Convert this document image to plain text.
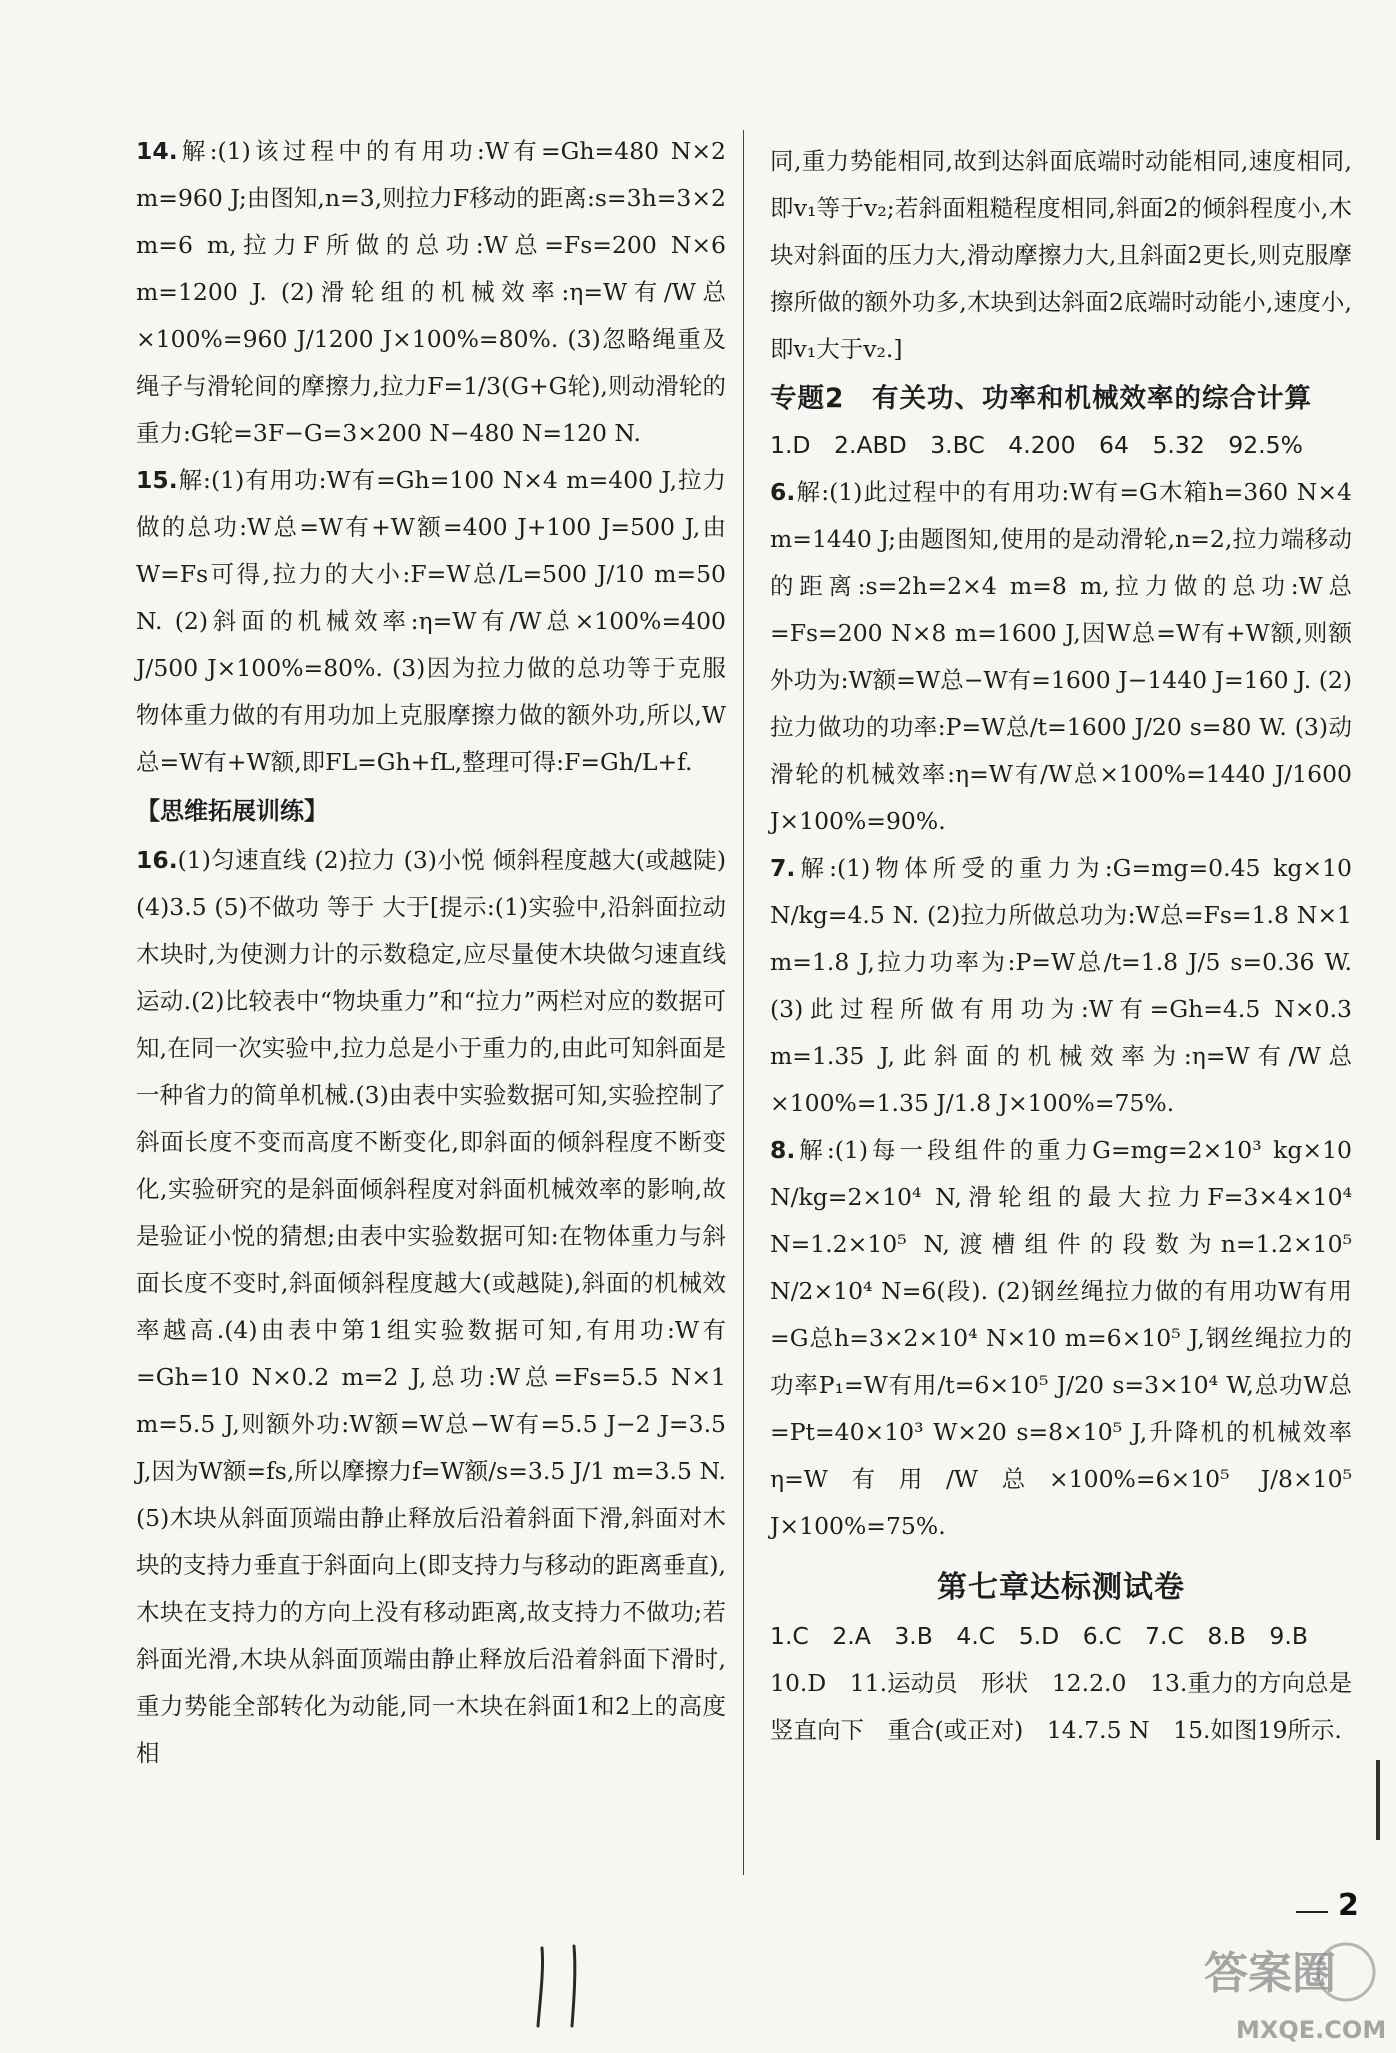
14.解:(1)该过程中的有用功:W有=Gh=480 N×2 m=960 J;由图知,n=3,则拉力F移动的距离:s=3h=3×2 m=6 m,拉力F所做的总功:W总=Fs=200 N×6 m=1200 J. (2)滑轮组的机械效率:η=W有/W总×100%=960 J/1200 J×100%=80%. (3)忽略绳重及绳子与滑轮间的摩擦力,拉力F=1/3(G+G轮),则动滑轮的重力:G轮=3F−G=3×200 N−480 N=120 N.

15.解:(1)有用功:W有=Gh=100 N×4 m=400 J,拉力做的总功:W总=W有+W额=400 J+100 J=500 J,由W=Fs可得,拉力的大小:F=W总/L=500 J/10 m=50 N. (2)斜面的机械效率:η=W有/W总×100%=400 J/500 J×100%=80%. (3)因为拉力做的总功等于克服物体重力做的有用功加上克服摩擦力做的额外功,所以,W总=W有+W额,即FL=Gh+fL,整理可得:F=Gh/L+f.

【思维拓展训练】

16.(1)匀速直线 (2)拉力 (3)小悦 倾斜程度越大(或越陡) (4)3.5 (5)不做功 等于 大于[提示:(1)实验中,沿斜面拉动木块时,为使测力计的示数稳定,应尽量使木块做匀速直线运动.(2)比较表中“物块重力”和“拉力”两栏对应的数据可知,在同一次实验中,拉力总是小于重力的,由此可知斜面是一种省力的简单机械.(3)由表中实验数据可知,实验控制了斜面长度不变而高度不断变化,即斜面的倾斜程度不断变化,实验研究的是斜面倾斜程度对斜面机械效率的影响,故是验证小悦的猜想;由表中实验数据可知:在物体重力与斜面长度不变时,斜面倾斜程度越大(或越陡),斜面的机械效率越高.(4)由表中第1组实验数据可知,有用功:W有=Gh=10 N×0.2 m=2 J,总功:W总=Fs=5.5 N×1 m=5.5 J,则额外功:W额=W总−W有=5.5 J−2 J=3.5 J,因为W额=fs,所以摩擦力f=W额/s=3.5 J/1 m=3.5 N.(5)木块从斜面顶端由静止释放后沿着斜面下滑,斜面对木块的支持力垂直于斜面向上(即支持力与移动的距离垂直),木块在支持力的方向上没有移动距离,故支持力不做功;若斜面光滑,木块从斜面顶端由静止释放后沿着斜面下滑时,重力势能全部转化为动能,同一木块在斜面1和2上的高度相

同,重力势能相同,故到达斜面底端时动能相同,速度相同,即v₁等于v₂;若斜面粗糙程度相同,斜面2的倾斜程度小,木块对斜面的压力大,滑动摩擦力大,且斜面2更长,则克服摩擦所做的额外功多,木块到达斜面2底端时动能小,速度小,即v₁大于v₂.]

专题2　有关功、功率和机械效率的综合计算

1.D　2.ABD　3.BC　4.200　64　5.32　92.5%

6.解:(1)此过程中的有用功:W有=G木箱h=360 N×4 m=1440 J;由题图知,使用的是动滑轮,n=2,拉力端移动的距离:s=2h=2×4 m=8 m,拉力做的总功:W总=Fs=200 N×8 m=1600 J,因W总=W有+W额,则额外功为:W额=W总−W有=1600 J−1440 J=160 J. (2)拉力做功的功率:P=W总/t=1600 J/20 s=80 W. (3)动滑轮的机械效率:η=W有/W总×100%=1440 J/1600 J×100%=90%.

7.解:(1)物体所受的重力为:G=mg=0.45 kg×10 N/kg=4.5 N. (2)拉力所做总功为:W总=Fs=1.8 N×1 m=1.8 J,拉力功率为:P=W总/t=1.8 J/5 s=0.36 W. (3)此过程所做有用功为:W有=Gh=4.5 N×0.3 m=1.35 J,此斜面的机械效率为:η=W有/W总×100%=1.35 J/1.8 J×100%=75%.

8.解:(1)每一段组件的重力G=mg=2×10³ kg×10 N/kg=2×10⁴ N,滑轮组的最大拉力F=3×4×10⁴ N=1.2×10⁵ N,渡槽组件的段数为n=1.2×10⁵ N/2×10⁴ N=6(段). (2)钢丝绳拉力做的有用功W有用=G总h=3×2×10⁴ N×10 m=6×10⁵ J,钢丝绳拉力的功率P₁=W有用/t=6×10⁵ J/20 s=3×10⁴ W,总功W总=Pt=40×10³ W×20 s=8×10⁵ J,升降机的机械效率η=W有用/W总×100%=6×10⁵ J/8×10⁵ J×100%=75%.

第七章达标测试卷

1.C　2.A　3.B　4.C　5.D　6.C　7.C　8.B　9.B

10.D　11.运动员　形状　12.2.0　13.重力的方向总是竖直向下　重合(或正对)　14.7.5 N　15.如图19所示.

2
答案圈
MXQE.COM
